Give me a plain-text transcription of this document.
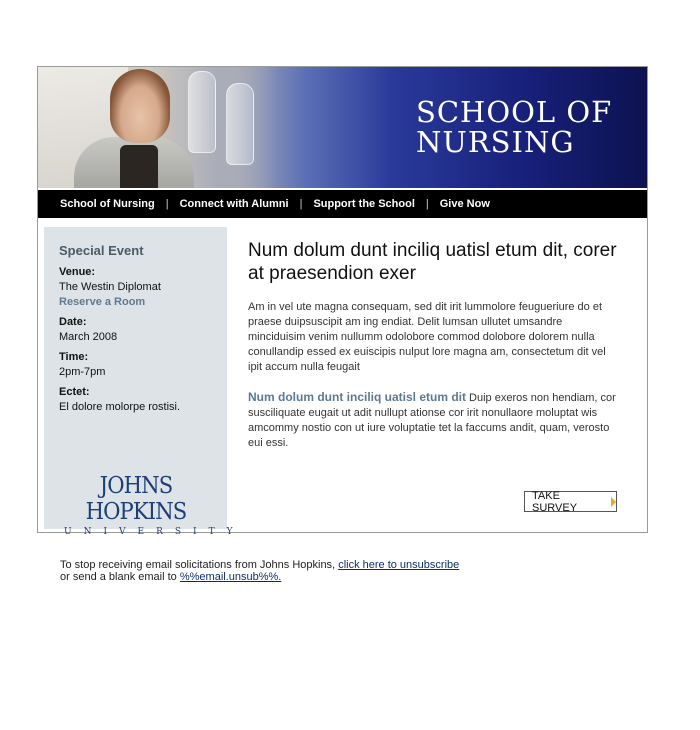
SCHOOL OF
NURSING
School of Nursing | Connect with Alumni | Support the School | Give Now
Special Event
Venue:
The Westin Diplomat
Reserve a Room
Date:
March 2008
Time:
2pm-7pm
Ectet:
El dolore molorpe rostisi.
JOHNS HOPKINS
UNIVERSITY
Num dolum dunt inciliq uatisl etum dit, corer at praesendion exer
Am in vel ute magna consequam, sed dit irit lummolore feugueriure do et praese duipsuscipit am ing endiat. Delit lumsan ullutet umsandre minciduisim venim nullumm odolobore commod dolobore dolorem nulla conullandip essed ex euiscipis nulput lore magna am, consectetum dit vel ipit accum nulla feugait
Num dolum dunt inciliq uatisl etum dit Duip exeros non hendiam, cor susciliquate eugait ut adit nullupt ationse cor irit nonullaore moluptat wis amcommy nostio con ut iure voluptatie tet la faccums andit, quam, verosto eui essi.
TAKE SURVEY
To stop receiving email solicitations from Johns Hopkins, click here to unsubscribe
or send a blank email to %%email.unsub%%.
